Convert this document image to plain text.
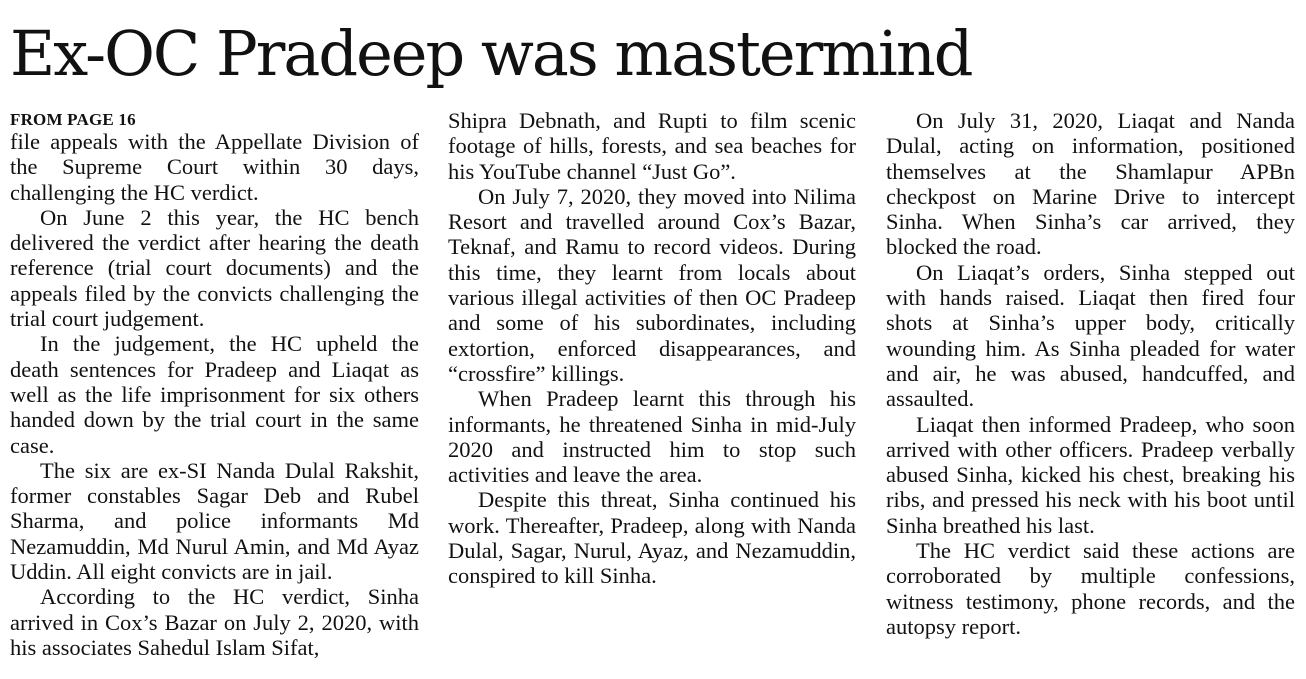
Ex-OC Pradeep was mastermind
FROM PAGE 16

file appeals with the Appellate Division of the Supreme Court within 30 days, challenging the HC verdict.

On June 2 this year, the HC bench delivered the verdict after hearing the death reference (trial court documents) and the appeals filed by the convicts challenging the trial court judgement.

In the judgement, the HC upheld the death sentences for Pradeep and Liaqat as well as the life imprisonment for six others handed down by the trial court in the same case.

The six are ex-SI Nanda Dulal Rakshit, former constables Sagar Deb and Rubel Sharma, and police informants Md Nezamuddin, Md Nurul Amin, and Md Ayaz Uddin. All eight convicts are in jail.

According to the HC verdict, Sinha arrived in Cox’s Bazar on July 2, 2020, with his associates Sahedul Islam Sifat,

Shipra Debnath, and Rupti to film scenic footage of hills, forests, and sea beaches for his YouTube channel “Just Go”.

On July 7, 2020, they moved into Nilima Resort and travelled around Cox’s Bazar, Teknaf, and Ramu to record videos. During this time, they learnt from locals about various illegal activities of then OC Pradeep and some of his subordinates, including extortion, enforced disappearances, and “crossfire” killings.

When Pradeep learnt this through his informants, he threatened Sinha in mid-July 2020 and instructed him to stop such activities and leave the area.

Despite this threat, Sinha continued his work. Thereafter, Pradeep, along with Nanda Dulal, Sagar, Nurul, Ayaz, and Nezamuddin, conspired to kill Sinha.

On July 31, 2020, Liaqat and Nanda Dulal, acting on information, positioned themselves at the Shamlapur APBn checkpost on Marine Drive to intercept Sinha. When Sinha’s car arrived, they blocked the road.

On Liaqat’s orders, Sinha stepped out with hands raised. Liaqat then fired four shots at Sinha’s upper body, critically wounding him. As Sinha pleaded for water and air, he was abused, handcuffed, and assaulted.

Liaqat then informed Pradeep, who soon arrived with other officers. Pradeep verbally abused Sinha, kicked his chest, breaking his ribs, and pressed his neck with his boot until Sinha breathed his last.

The HC verdict said these actions are corroborated by multiple confessions, witness testimony, phone records, and the autopsy report.
